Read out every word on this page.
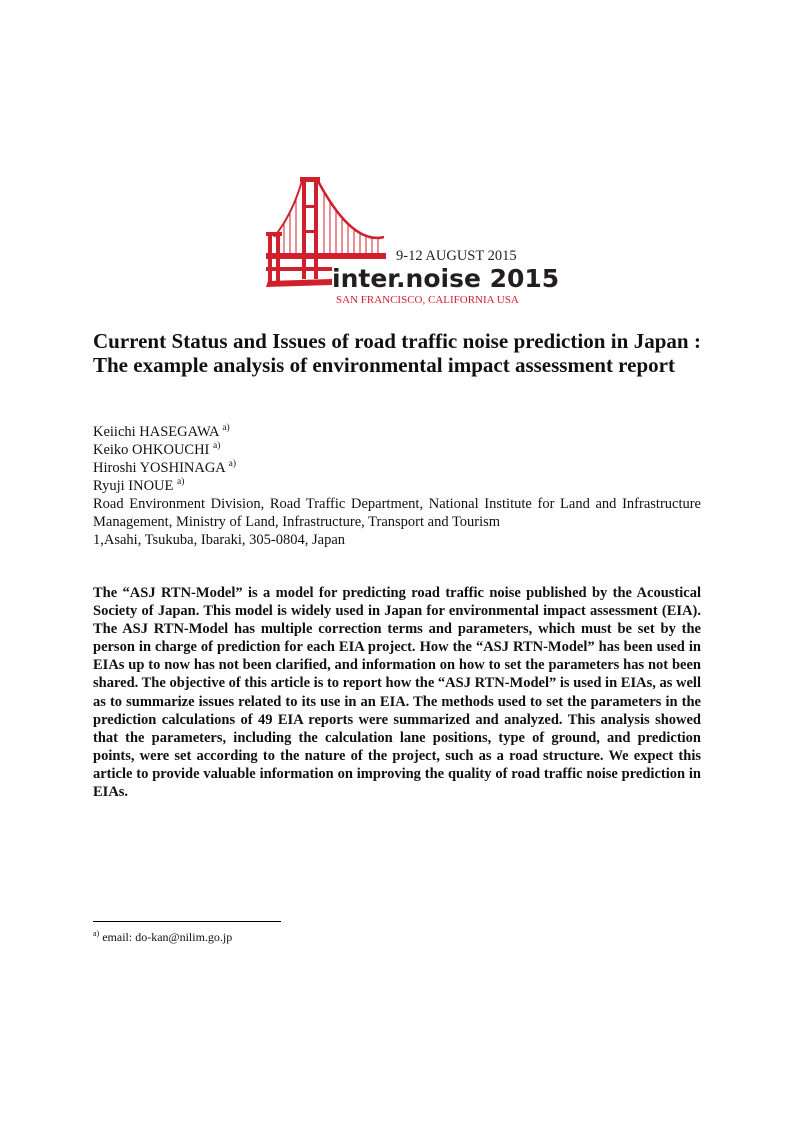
9-12 AUGUST 2015
inter.noise 2015
SAN FRANCISCO, CALIFORNIA USA
Current Status and Issues of road traffic noise prediction in Japan : The example analysis of environmental impact assessment report
Keiichi HASEGAWA $^{a)}$
Keiko OHKOUCHI $^{a)}$
Hiroshi YOSHINAGA $^{a)}$
Ryuji INOUE $^{a)}$
Road Environment Division, Road Traffic Department, National Institute for Land and Infrastructure Management, Ministry of Land, Infrastructure, Transport and Tourism
1,Asahi, Tsukuba, Ibaraki, 305-0804, Japan

The “ASJ RTN-Model” is a model for predicting road traffic noise published by the Acoustical Society of Japan. This model is widely used in Japan for environmental impact assessment (EIA). The ASJ RTN-Model has multiple correction terms and parameters, which must be set by the person in charge of prediction for each EIA project. How the “ASJ RTN-Model” has been used in EIAs up to now has not been clarified, and information on how to set the parameters has not been shared. The objective of this article is to report how the “ASJ RTN-Model” is used in EIAs, as well as to summarize issues related to its use in an EIA. The methods used to set the parameters in the prediction calculations of 49 EIA reports were summarized and analyzed. This analysis showed that the parameters, including the calculation lane positions, type of ground, and prediction points, were set according to the nature of the project, such as a road structure. We expect this article to provide valuable information on improving the quality of road traffic noise prediction in EIAs.

$^{a)}$ email: do-kan@nilim.go.jp
